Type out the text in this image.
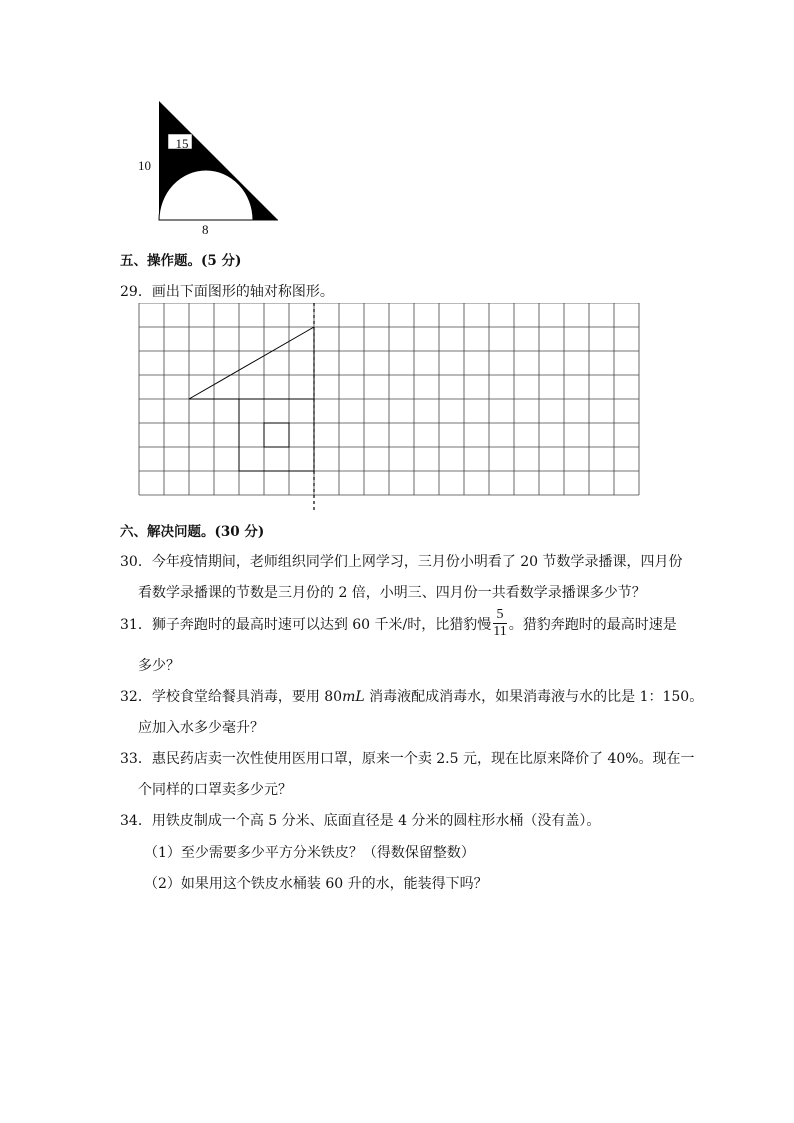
15
10
8
五、操作题。(5 分)
29．画出下面图形的轴对称图形。
六、解决问题。(30 分)
30．今年疫情期间，老师组织同学们上网学习，三月份小明看了 20 节数学录播课，四月份
看数学录播课的节数是三月份的 2 倍，小明三、四月份一共看数学录播课多少节？
31．狮子奔跑时的最高时速可以达到 60 千米/时，比猎豹慢 $\frac{5}{11}$ 。猎豹奔跑时的最高时速是
多少？
32．学校食堂给餐具消毒，要用 80mL 消毒液配成消毒水，如果消毒液与水的比是 1：150。
应加入水多少毫升？
33．惠民药店卖一次性使用医用口罩，原来一个卖 2.5 元，现在比原来降价了 40%。现在一
个同样的口罩卖多少元？
34．用铁皮制成一个高 5 分米、底面直径是 4 分米的圆柱形水桶（没有盖）。
（1）至少需要多少平方分米铁皮？（得数保留整数）
（2）如果用这个铁皮水桶装 60 升的水，能装得下吗？
